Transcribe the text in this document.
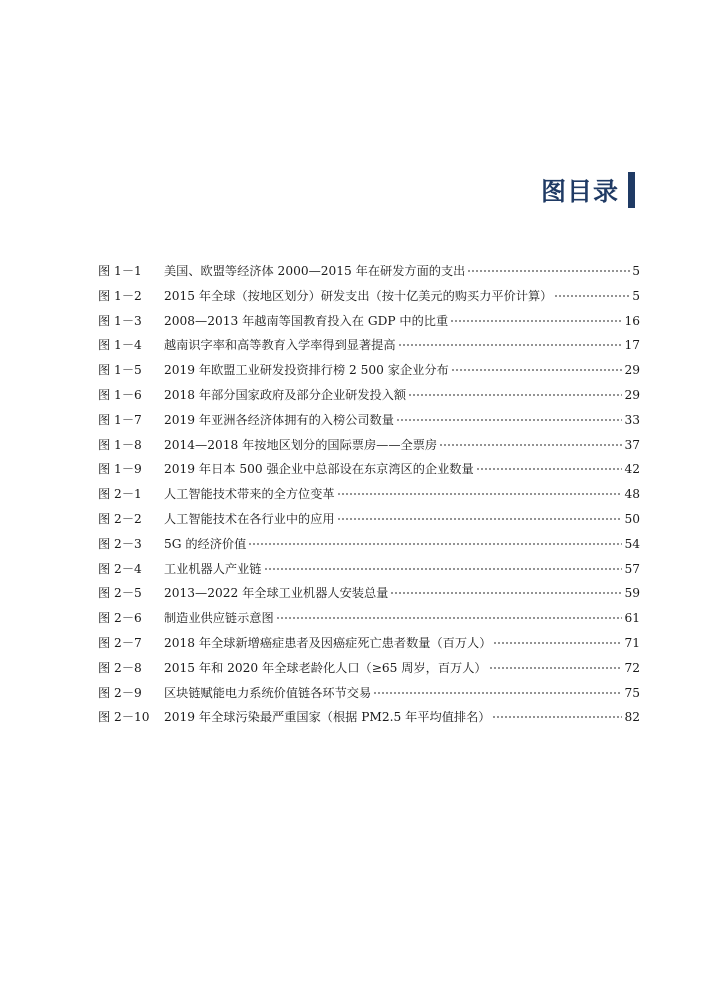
图目录
图 1－1	美国、欧盟等经济体 2000—2015 年在研发方面的支出	5
图 1－2	2015 年全球（按地区划分）研发支出（按十亿美元的购买力平价计算）	5
图 1－3	2008—2013 年越南等国教育投入在 GDP 中的比重	16
图 1－4	越南识字率和高等教育入学率得到显著提高	17
图 1－5	2019 年欧盟工业研发投资排行榜 2 500 家企业分布	29
图 1－6	2018 年部分国家政府及部分企业研发投入额	29
图 1－7	2019 年亚洲各经济体拥有的入榜公司数量	33
图 1－8	2014—2018 年按地区划分的国际票房——全票房	37
图 1－9	2019 年日本 500 强企业中总部设在东京湾区的企业数量	42
图 2－1	人工智能技术带来的全方位变革	48
图 2－2	人工智能技术在各行业中的应用	50
图 2－3	5G 的经济价值	54
图 2－4	工业机器人产业链	57
图 2－5	2013—2022 年全球工业机器人安装总量	59
图 2－6	制造业供应链示意图	61
图 2－7	2018 年全球新增癌症患者及因癌症死亡患者数量（百万人）	71
图 2－8	2015 年和 2020 年全球老龄化人口（≥65 周岁，百万人）	72
图 2－9	区块链赋能电力系统价值链各环节交易	75
图 2－10	2019 年全球污染最严重国家（根据 PM2.5 年平均值排名）	82
